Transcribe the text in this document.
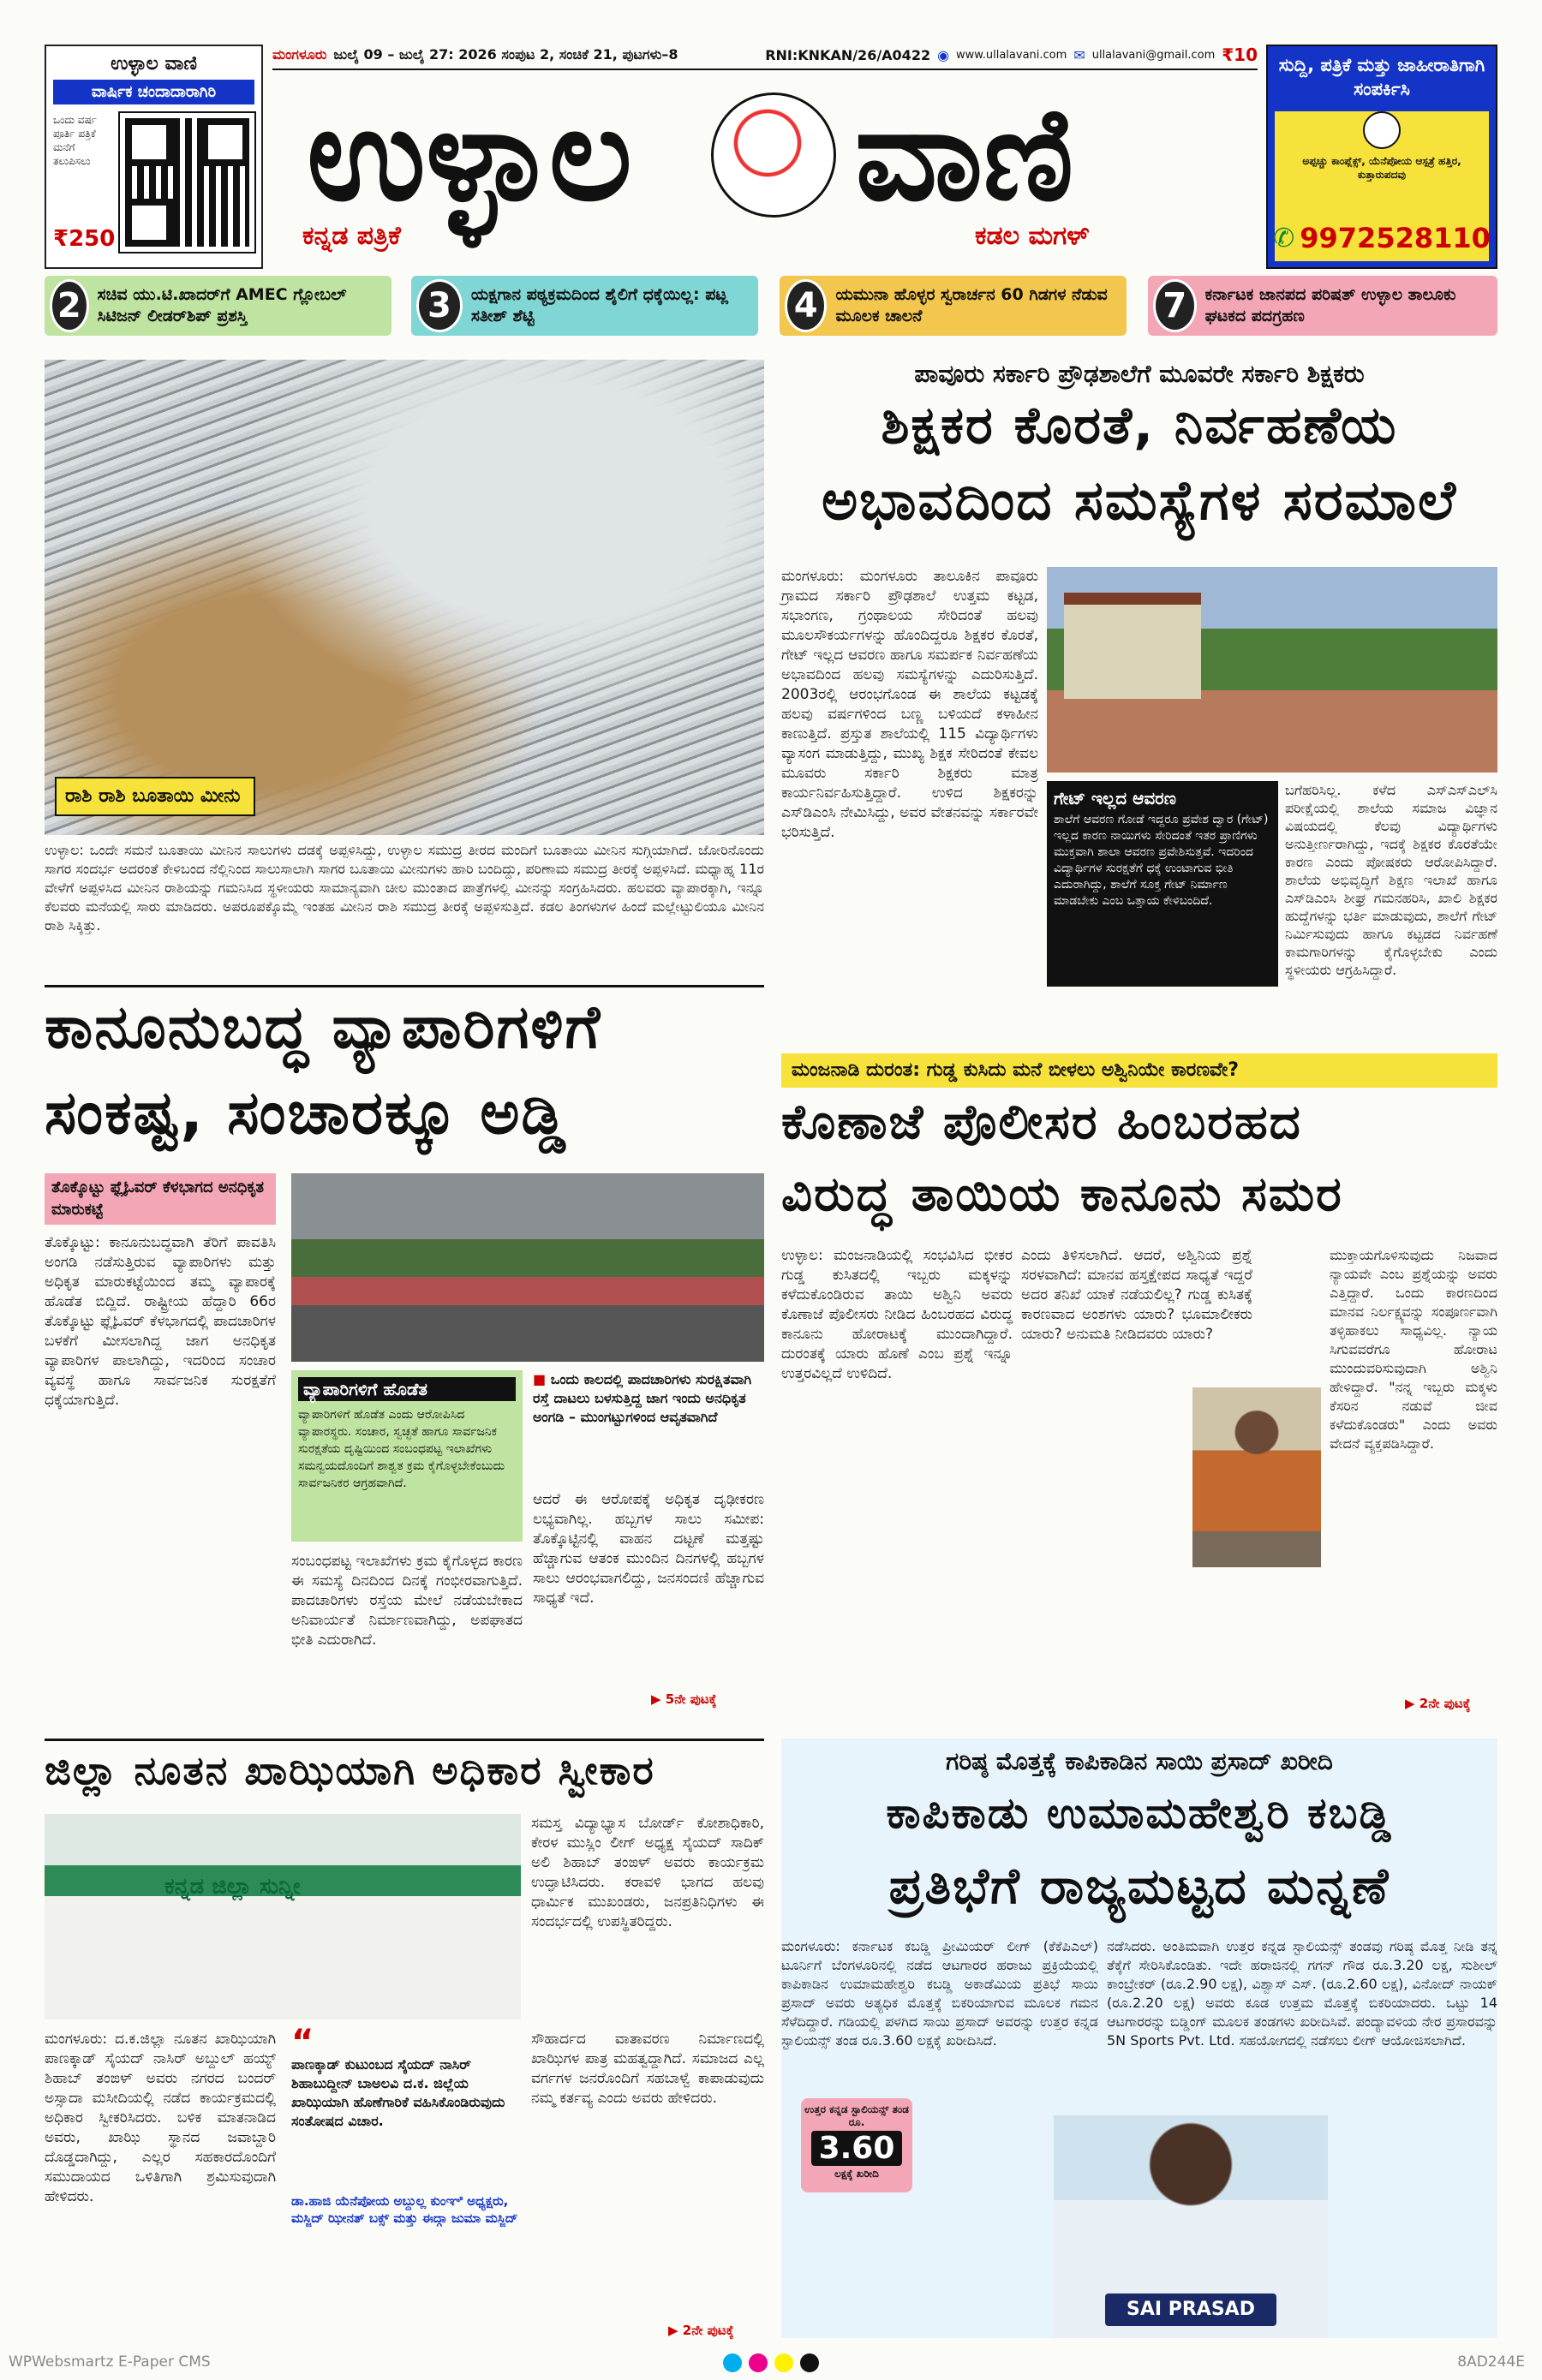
ಉಳ್ಳಾಲ ವಾಣಿ
ವಾರ್ಷಿಕ ಚಂದಾದಾರಾಗಿರಿ
ಒಂದು ವರ್ಷ ಪೂರ್ತಿ ಪತ್ರಿಕೆ ಮನೆಗೆ ತಲುಪಿಸಲು
₹250
ಮಂಗಳೂರು ಜುಲೈ 09 – ಜುಲೈ 27: 2026 ಸಂಪುಟ 2, ಸಂಚಿಕೆ 21, ಪುಟಗಳು–8	RNI:KNKAN/26/A0422 ◉ www.ullalavani.com ✉ ullalavani@gmail.com ₹10
ಉಳ್ಳಾಲ ವಾಣಿ
ಕನ್ನಡ ಪತ್ರಿಕೆ	ಕಡಲ ಮಗಳ್
ಸುದ್ದಿ, ಪತ್ರಿಕೆ ಮತ್ತು ಜಾಹೀರಾತಿಗಾಗಿ ಸಂಪರ್ಕಿಸಿ
ಅಪ್ಪಚ್ಚು ಕಾಂಪ್ಲೆಕ್ಸ್, ಯೆನೆಪೋಯ ಆಸ್ಪತ್ರೆ ಹತ್ತಿರ, ಕುತ್ತಾರುಪದವು
✆ 9972528110
2 ಸಚಿವ ಯು.ಟಿ.ಖಾದರ್‌ಗೆ AMEC ಗ್ಲೋಬಲ್ ಸಿಟಿಜನ್ ಲೀಡರ್‌ಶಿಪ್ ಪ್ರಶಸ್ತಿ	3	ಯಕ್ಷಗಾನ ಪಠ್ಯಕ್ರಮದಿಂದ ಶೈಲಿಗೆ ಧಕ್ಕೆಯಿಲ್ಲ: ಪಟ್ಲ ಸತೀಶ್ ಶೆಟ್ಟಿ	4	ಯಮುನಾ ಹೊಳ್ಳರ ಸ್ವರಾರ್ಚನ 60 ಗಿಡಗಳ ನೆಡುವ ಮೂಲಕ ಚಾಲನೆ	7	ಕರ್ನಾಟಕ ಜಾನಪದ ಪರಿಷತ್ ಉಳ್ಳಾಲ ತಾಲೂಕು ಘಟಕದ ಪದಗ್ರಹಣ
ರಾಶಿ ರಾಶಿ ಬೂತಾಯಿ ಮೀನು
ಉಳ್ಳಾಲ: ಒಂದೇ ಸಮನೆ ಬೂತಾಯಿ ಮೀನಿನ ಸಾಲುಗಳು ದಡಕ್ಕೆ ಅಪ್ಪಳಿಸಿದ್ದು, ಉಳ್ಳಾಲ ಸಮುದ್ರ ತೀರದ ಮಂದಿಗೆ ಬೂತಾಯಿ ಮೀನಿನ ಸುಗ್ಗಿಯಾಗಿದೆ. ಜೋರಿನೊಂದು ಸಾಗರ ಸಂದರ್ಭ ಅದರಂತೆ ಕೇಳಿಬಂದ ನೆಲ್ಲಿನಿಂದ ಸಾಲುಸಾಲಾಗಿ ಸಾಗರ ಬೂತಾಯಿ ಮೀನುಗಳು ಹಾರಿ ಬಂದಿದ್ದು, ಪರಿಣಾಮ ಸಮುದ್ರ ತೀರಕ್ಕೆ ಅಪ್ಪಳಿಸಿದೆ. ಮಧ್ಯಾಹ್ನ 11ರ ವೇಳೆಗೆ ಅಪ್ಪಳಿಸಿದ ಮೀನಿನ ರಾಶಿಯನ್ನು ಗಮನಿಸಿದ ಸ್ಥಳೀಯರು ಸಾಮಾನ್ಯವಾಗಿ ಚೀಲ ಮುಂತಾದ ಪಾತ್ರೆಗಳಲ್ಲಿ ಮೀನನ್ನು ಸಂಗ್ರಹಿಸಿದರು. ಹಲವರು ವ್ಯಾಪಾರಕ್ಕಾಗಿ, ಇನ್ನೂ ಕೆಲವರು ಮನೆಯಲ್ಲಿ ಸಾರು ಮಾಡಿದರು. ಅಪರೂಪಕ್ಕೊಮ್ಮೆ ಇಂತಹ ಮೀನಿನ ರಾಶಿ ಸಮುದ್ರ ತೀರಕ್ಕೆ ಅಪ್ಪಳಿಸುತ್ತಿದೆ. ಕಡಲ ತಿಂಗಳುಗಳ ಹಿಂದೆ ಮಲ್ಲೇಟ್ಟುಲಿಯೂ ಮೀನಿನ ರಾಶಿ ಸಿಕ್ಕಿತ್ತು.
ಪಾವೂರು ಸರ್ಕಾರಿ ಪ್ರೌಢಶಾಲೆಗೆ ಮೂವರೇ ಸರ್ಕಾರಿ ಶಿಕ್ಷಕರು
ಶಿಕ್ಷಕರ ಕೊರತೆ, ನಿರ್ವಹಣೆಯ
ಅಭಾವದಿಂದ ಸಮಸ್ಯೆಗಳ ಸರಮಾಲೆ
ಮಂಗಳೂರು: ಮಂಗಳೂರು ತಾಲೂಕಿನ ಪಾವೂರು ಗ್ರಾಮದ ಸರ್ಕಾರಿ ಪ್ರೌಢಶಾಲೆ ಉತ್ತಮ ಕಟ್ಟಡ, ಸಭಾಂಗಣ, ಗ್ರಂಥಾಲಯ ಸೇರಿದಂತೆ ಹಲವು ಮೂಲಸೌಕರ್ಯಗಳನ್ನು ಹೊಂದಿದ್ದರೂ ಶಿಕ್ಷಕರ ಕೊರತೆ, ಗೇಟ್ ಇಲ್ಲದ ಆವರಣ ಹಾಗೂ ಸಮರ್ಪಕ ನಿರ್ವಹಣೆಯ ಅಭಾವದಿಂದ ಹಲವು ಸಮಸ್ಯೆಗಳನ್ನು ಎದುರಿಸುತ್ತಿದೆ. 2003ರಲ್ಲಿ ಆರಂಭಗೊಂಡ ಈ ಶಾಲೆಯ ಕಟ್ಟಡಕ್ಕೆ ಹಲವು ವರ್ಷಗಳಿಂದ ಬಣ್ಣ ಬಳಿಯದೆ ಕಳಾಹೀನ ಕಾಣುತ್ತಿದೆ. ಪ್ರಸ್ತುತ ಶಾಲೆಯಲ್ಲಿ 115 ವಿದ್ಯಾರ್ಥಿಗಳು ವ್ಯಾಸಂಗ ಮಾಡುತ್ತಿದ್ದು, ಮುಖ್ಯ ಶಿಕ್ಷಕ ಸೇರಿದಂತೆ ಕೇವಲ ಮೂವರು ಸರ್ಕಾರಿ ಶಿಕ್ಷಕರು ಮಾತ್ರ ಕಾರ್ಯನಿರ್ವಹಿಸುತ್ತಿದ್ದಾರೆ. ಉಳಿದ ಶಿಕ್ಷಕರನ್ನು ಎಸ್‌ಡಿಎಂಸಿ ನೇಮಿಸಿದ್ದು, ಅವರ ವೇತನವನ್ನು ಸರ್ಕಾರವೇ ಭರಿಸುತ್ತಿದೆ.
ಗೇಟ್ ಇಲ್ಲದ ಆವರಣ
ಶಾಲೆಗೆ ಆವರಣ ಗೋಡೆ ಇದ್ದರೂ ಪ್ರವೇಶ ದ್ವಾರ (ಗೇಟ್) ಇಲ್ಲದ ಕಾರಣ ನಾಯಿಗಳು ಸೇರಿದಂತೆ ಇತರ ಪ್ರಾಣಿಗಳು ಮುಕ್ತವಾಗಿ ಶಾಲಾ ಆವರಣ ಪ್ರವೇಶಿಸುತ್ತವೆ. ಇದರಿಂದ ವಿದ್ಯಾರ್ಥಿಗಳ ಸುರಕ್ಷತೆಗೆ ಧಕ್ಕೆ ಉಂಟಾಗುವ ಭೀತಿ ಎದುರಾಗಿದ್ದು, ಶಾಲೆಗೆ ಸೂಕ್ತ ಗೇಟ್ ನಿರ್ಮಾಣ ಮಾಡಬೇಕು ಎಂಬ ಒತ್ತಾಯ ಕೇಳಿಬಂದಿದೆ.
ಬಗೆಹರಿಸಿಲ್ಲ. ಕಳೆದ ಎಸ್‌ಎಸ್‌ಎಲ್‌ಸಿ ಪರೀಕ್ಷೆಯಲ್ಲಿ ಶಾಲೆಯ ಸಮಾಜ ವಿಜ್ಞಾನ ವಿಷಯದಲ್ಲಿ ಕೆಲವು ವಿದ್ಯಾರ್ಥಿಗಳು ಅನುತ್ತೀರ್ಣರಾಗಿದ್ದು, ಇದಕ್ಕೆ ಶಿಕ್ಷಕರ ಕೊರತೆಯೇ ಕಾರಣ ಎಂದು ಪೋಷಕರು ಆರೋಪಿಸಿದ್ದಾರೆ. ಶಾಲೆಯ ಅಭಿವೃದ್ಧಿಗೆ ಶಿಕ್ಷಣ ಇಲಾಖೆ ಹಾಗೂ ಎಸ್‌ಡಿಎಂಸಿ ಶೀಘ್ರ ಗಮನಹರಿಸಿ, ಖಾಲಿ ಶಿಕ್ಷಕರ ಹುದ್ದೆಗಳನ್ನು ಭರ್ತಿ ಮಾಡುವುದು, ಶಾಲೆಗೆ ಗೇಟ್ ನಿರ್ಮಿಸುವುದು ಹಾಗೂ ಕಟ್ಟಡದ ನಿರ್ವಹಣೆ ಕಾಮಗಾರಿಗಳನ್ನು ಕೈಗೊಳ್ಳಬೇಕು ಎಂದು ಸ್ಥಳೀಯರು ಆಗ್ರಹಿಸಿದ್ದಾರೆ.
ಕಾನೂನುಬದ್ಧ ವ್ಯಾಪಾರಿಗಳಿಗೆ
ಸಂಕಷ್ಟ, ಸಂಚಾರಕ್ಕೂ ಅಡ್ಡಿ
ತೊಕ್ಕೊಟ್ಟು ಫ್ಲೈಓವರ್ ಕೆಳಭಾಗದ ಅನಧಿಕೃತ ಮಾರುಕಟ್ಟೆ
ತೊಕ್ಕೊಟ್ಟು: ಕಾನೂನುಬದ್ಧವಾಗಿ ತೆರಿಗೆ ಪಾವತಿಸಿ ಅಂಗಡಿ ನಡೆಸುತ್ತಿರುವ ವ್ಯಾಪಾರಿಗಳು ಮತ್ತು ಅಧಿಕೃತ ಮಾರುಕಟ್ಟೆಯಿಂದ ತಮ್ಮ ವ್ಯಾಪಾರಕ್ಕೆ ಹೊಡೆತ ಬಿದ್ದಿದೆ. ರಾಷ್ಟ್ರೀಯ ಹೆದ್ದಾರಿ 66ರ ತೊಕ್ಕೊಟ್ಟು ಫ್ಲೈಓವರ್ ಕೆಳಭಾಗದಲ್ಲಿ ಪಾದಚಾರಿಗಳ ಬಳಕೆಗೆ ಮೀಸಲಾಗಿದ್ದ ಜಾಗ ಅನಧಿಕೃತ ವ್ಯಾಪಾರಿಗಳ ಪಾಲಾಗಿದ್ದು, ಇದರಿಂದ ಸಂಚಾರ ವ್ಯವಸ್ಥೆ ಹಾಗೂ ಸಾರ್ವಜನಿಕ ಸುರಕ್ಷತೆಗೆ ಧಕ್ಕೆಯಾಗುತ್ತಿದೆ.
ವ್ಯಾಪಾರಿಗಳಿಗೆ ಹೊಡೆತ
ವ್ಯಾಪಾರಿಗಳಿಗೆ ಹೊಡೆತ ಎಂದು ಆರೋಪಿಸಿದ ವ್ಯಾಪಾರಸ್ಥರು. ಸಂಚಾರ, ಸ್ವಚ್ಛತೆ ಹಾಗೂ ಸಾರ್ವಜನಿಕ ಸುರಕ್ಷತೆಯ ದೃಷ್ಟಿಯಿಂದ ಸಂಬಂಧಪಟ್ಟ ಇಲಾಖೆಗಳು ಸಮನ್ವಯದೊಂದಿಗೆ ಶಾಶ್ವತ ಕ್ರಮ ಕೈಗೊಳ್ಳಬೇಕೆಂಬುದು ಸಾರ್ವಜನಿಕರ ಆಗ್ರಹವಾಗಿದೆ.
■ ಒಂದು ಕಾಲದಲ್ಲಿ ಪಾದಚಾರಿಗಳು ಸುರಕ್ಷಿತವಾಗಿ ರಸ್ತೆ ದಾಟಲು ಬಳಸುತ್ತಿದ್ದ ಜಾಗ ಇಂದು ಅನಧಿಕೃತ ಅಂಗಡಿ – ಮುಂಗಟ್ಟುಗಳಿಂದ ಆವೃತವಾಗಿದೆ
ಆದರೆ ಈ ಆರೋಪಕ್ಕೆ ಅಧಿಕೃತ ದೃಢೀಕರಣ ಲಭ್ಯವಾಗಿಲ್ಲ. ಹಬ್ಬಗಳ ಸಾಲು ಸಮೀಪ: ತೊಕ್ಕೊಟ್ಟಿನಲ್ಲಿ ವಾಹನ ದಟ್ಟಣೆ ಮತ್ತಷ್ಟು ಹೆಚ್ಚಾಗುವ ಆತಂಕ ಮುಂದಿನ ದಿನಗಳಲ್ಲಿ ಹಬ್ಬಗಳ ಸಾಲು ಆರಂಭವಾಗಲಿದ್ದು, ಜನಸಂದಣಿ ಹೆಚ್ಚಾಗುವ ಸಾಧ್ಯತೆ ಇದೆ.
ಸಂಬಂಧಪಟ್ಟ ಇಲಾಖೆಗಳು ಕ್ರಮ ಕೈಗೊಳ್ಳದ ಕಾರಣ ಈ ಸಮಸ್ಯೆ ದಿನದಿಂದ ದಿನಕ್ಕೆ ಗಂಭೀರವಾಗುತ್ತಿದೆ. ಪಾದಚಾರಿಗಳು ರಸ್ತೆಯ ಮೇಲೆ ನಡೆಯಬೇಕಾದ ಅನಿವಾರ್ಯತೆ ನಿರ್ಮಾಣವಾಗಿದ್ದು, ಅಪಘಾತದ ಭೀತಿ ಎದುರಾಗಿದೆ.
▶ 5ನೇ ಪುಟಕ್ಕೆ
ಮಂಜನಾಡಿ ದುರಂತ: ಗುಡ್ಡ ಕುಸಿದು ಮನೆ ಬೀಳಲು ಅಶ್ವಿನಿಯೇ ಕಾರಣವೇ?
ಕೊಣಾಜೆ ಪೊಲೀಸರ ಹಿಂಬರಹದ
ವಿರುದ್ಧ ತಾಯಿಯ ಕಾನೂನು ಸಮರ
ಉಳ್ಳಾಲ: ಮಂಜನಾಡಿಯಲ್ಲಿ ಸಂಭವಿಸಿದ ಭೀಕರ ಗುಡ್ಡ ಕುಸಿತದಲ್ಲಿ ಇಬ್ಬರು ಮಕ್ಕಳನ್ನು ಕಳೆದುಕೊಂಡಿರುವ ತಾಯಿ ಅಶ್ವಿನಿ ಅವರು ಕೊಣಾಜೆ ಪೊಲೀಸರು ನೀಡಿದ ಹಿಂಬರಹದ ವಿರುದ್ಧ ಕಾನೂನು ಹೋರಾಟಕ್ಕೆ ಮುಂದಾಗಿದ್ದಾರೆ. ದುರಂತಕ್ಕೆ ಯಾರು ಹೊಣೆ ಎಂಬ ಪ್ರಶ್ನೆ ಇನ್ನೂ ಉತ್ತರವಿಲ್ಲದೆ ಉಳಿದಿದೆ.
ಎಂದು ತಿಳಿಸಲಾಗಿದೆ. ಆದರೆ, ಅಶ್ವಿನಿಯ ಪ್ರಶ್ನೆ ಸರಳವಾಗಿದೆ: ಮಾನವ ಹಸ್ತಕ್ಷೇಪದ ಸಾಧ್ಯತೆ ಇದ್ದರೆ ಅದರ ತನಿಖೆ ಯಾಕೆ ನಡೆಯಲಿಲ್ಲ? ಗುಡ್ಡ ಕುಸಿತಕ್ಕೆ ಕಾರಣವಾದ ಅಂಶಗಳು ಯಾರು? ಭೂಮಾಲೀಕರು ಯಾರು? ಅನುಮತಿ ನೀಡಿದವರು ಯಾರು?
ಮುಕ್ತಾಯಗೊಳಿಸುವುದು ನಿಜವಾದ ನ್ಯಾಯವೇ ಎಂಬ ಪ್ರಶ್ನೆಯನ್ನು ಅವರು ಎತ್ತಿದ್ದಾರೆ. ಒಂದು ಕಾರಣದಿಂದ ಮಾನವ ನಿರ್ಲಕ್ಷ್ಯವನ್ನು ಸಂಪೂರ್ಣವಾಗಿ ತಳ್ಳಿಹಾಕಲು ಸಾಧ್ಯವಿಲ್ಲ. ನ್ಯಾಯ ಸಿಗುವವರೆಗೂ ಹೋರಾಟ ಮುಂದುವರಿಸುವುದಾಗಿ ಅಶ್ವಿನಿ ಹೇಳಿದ್ದಾರೆ. "ನನ್ನ ಇಬ್ಬರು ಮಕ್ಕಳು ಕೆಸರಿನ ನಡುವೆ ಜೀವ ಕಳೆದುಕೊಂಡರು" ಎಂದು ಅವರು ವೇದನೆ ವ್ಯಕ್ತಪಡಿಸಿದ್ದಾರೆ.
▶ 2ನೇ ಪುಟಕ್ಕೆ
ಜಿಲ್ಲಾ ನೂತನ ಖಾಝಿಯಾಗಿ ಅಧಿಕಾರ ಸ್ವೀಕಾರ
ಕನ್ನಡ ಜಿಲ್ಲಾ ಸುನ್ನೀ
ಸಮಸ್ತ ವಿದ್ಯಾಭ್ಯಾಸ ಬೋರ್ಡ್ ಕೋಶಾಧಿಕಾರಿ, ಕೇರಳ ಮುಸ್ಲಿಂ ಲೀಗ್ ಅಧ್ಯಕ್ಷ ಸೈಯದ್ ಸಾದಿಕ್ ಅಲಿ ಶಿಹಾಬ್ ತಂಙಳ್ ಅವರು ಕಾರ್ಯಕ್ರಮ ಉದ್ಘಾಟಿಸಿದರು. ಕರಾವಳಿ ಭಾಗದ ಹಲವು ಧಾರ್ಮಿಕ ಮುಖಂಡರು, ಜನಪ್ರತಿನಿಧಿಗಳು ಈ ಸಂದರ್ಭದಲ್ಲಿ ಉಪಸ್ಥಿತರಿದ್ದರು.
ಮಂಗಳೂರು: ದ.ಕ.ಜಿಲ್ಲಾ ನೂತನ ಖಾಝಿಯಾಗಿ ಪಾಣಕ್ಕಾಡ್ ಸೈಯದ್ ನಾಸಿರ್ ಅಬ್ದುಲ್ ಹಯ್ಯ್ ಶಿಹಾಬ್ ತಂಙಳ್ ಅವರು ನಗರದ ಬಂದರ್ ಅಸ್ಸಾದಾ ಮಸೀದಿಯಲ್ಲಿ ನಡೆದ ಕಾರ್ಯಕ್ರಮದಲ್ಲಿ ಅಧಿಕಾರ ಸ್ವೀಕರಿಸಿದರು. ಬಳಿಕ ಮಾತನಾಡಿದ ಅವರು, ಖಾಝಿ ಸ್ಥಾನದ ಜವಾಬ್ದಾರಿ ದೊಡ್ಡದಾಗಿದ್ದು, ಎಲ್ಲರ ಸಹಕಾರದೊಂದಿಗೆ ಸಮುದಾಯದ ಒಳಿತಿಗಾಗಿ ಶ್ರಮಿಸುವುದಾಗಿ ಹೇಳಿದರು.
“
ಪಾಣಕ್ಕಾಡ್ ಕುಟುಂಬದ ಸೈಯದ್ ನಾಸಿರ್ ಶಿಹಾಬುದ್ದೀನ್ ಬಾಅಲವಿ ದ.ಕ. ಜಿಲ್ಲೆಯ ಖಾಝಿಯಾಗಿ ಹೊಣೆಗಾರಿಕೆ ವಹಿಸಿಕೊಂಡಿರುವುದು ಸಂತೋಷದ ವಿಚಾರ.
ಡಾ.ಹಾಜಿ ಯೆನೆಪೋಯ ಅಬ್ದುಲ್ಲ ಕುಂಞಿ ಅಧ್ಯಕ್ಷರು, ಮಸ್ಜಿದ್ ಝೀನತ್ ಬಕ್ಸ್ ಮತ್ತು ಈದ್ಗಾ ಜುಮಾ ಮಸ್ಜಿದ್
ಸೌಹಾರ್ದದ ವಾತಾವರಣ ನಿರ್ಮಾಣದಲ್ಲಿ ಖಾಝಿಗಳ ಪಾತ್ರ ಮಹತ್ವದ್ದಾಗಿದೆ. ಸಮಾಜದ ಎಲ್ಲ ವರ್ಗಗಳ ಜನರೊಂದಿಗೆ ಸಹಬಾಳ್ವೆ ಕಾಪಾಡುವುದು ನಮ್ಮ ಕರ್ತವ್ಯ ಎಂದು ಅವರು ಹೇಳಿದರು.
▶ 2ನೇ ಪುಟಕ್ಕೆ
ಗರಿಷ್ಠ ಮೊತ್ತಕ್ಕೆ ಕಾಪಿಕಾಡಿನ ಸಾಯಿ ಪ್ರಸಾದ್ ಖರೀದಿ
ಕಾಪಿಕಾಡು ಉಮಾಮಹೇಶ್ವರಿ ಕಬಡ್ಡಿ
ಪ್ರತಿಭೆಗೆ ರಾಜ್ಯಮಟ್ಟದ ಮನ್ನಣೆ
ಮಂಗಳೂರು: ಕರ್ನಾಟಕ ಕಬಡ್ಡಿ ಪ್ರೀಮಿಯರ್ ಲೀಗ್ (ಕೆಕೆಪಿಎಲ್) ಟೂರ್ನಿಗೆ ಬೆಂಗಳೂರಿನಲ್ಲಿ ನಡೆದ ಆಟಗಾರರ ಹರಾಜು ಪ್ರಕ್ರಿಯೆಯಲ್ಲಿ ಕಾಪಿಕಾಡಿನ ಉಮಾಮಹೇಶ್ವರಿ ಕಬಡ್ಡಿ ಅಕಾಡೆಮಿಯ ಪ್ರತಿಭೆ ಸಾಯಿ ಪ್ರಸಾದ್ ಅವರು ಅತ್ಯಧಿಕ ಮೊತ್ತಕ್ಕೆ ಬಿಕರಿಯಾಗುವ ಮೂಲಕ ಗಮನ ಸೆಳೆದಿದ್ದಾರೆ. ಗಡಿಯಲ್ಲಿ ಪಳಗಿದ ಸಾಯಿ ಪ್ರಸಾದ್ ಅವರನ್ನು ಉತ್ತರ ಕನ್ನಡ ಸ್ಟಾಲಿಯನ್ಸ್ ತಂಡ ರೂ.3.60 ಲಕ್ಷಕ್ಕೆ ಖರೀದಿಸಿದೆ.
ಉತ್ತರ ಕನ್ನಡ ಸ್ಟಾಲಿಯನ್ಸ್ ತಂಡ ರೂ.
3.60
ಲಕ್ಷಕ್ಕೆ ಖರೀದಿ
ನಡೆಸಿದರು. ಅಂತಿಮವಾಗಿ ಉತ್ತರ ಕನ್ನಡ ಸ್ಟಾಲಿಯನ್ಸ್ ತಂಡವು ಗರಿಷ್ಠ ಮೊತ್ತ ನೀಡಿ ತನ್ನ ತೆಕ್ಕೆಗೆ ಸೇರಿಸಿಕೊಂಡಿತು. ಇದೇ ಹರಾಜಿನಲ್ಲಿ ಗಗನ್ ಗೌಡ ರೂ.3.20 ಲಕ್ಷ, ಸುಶೀಲ್ ಕಾಂಬ್ರೇಕರ್ (ರೂ.2.90 ಲಕ್ಷ), ವಿಶ್ವಾಸ್ ಎಸ್. (ರೂ.2.60 ಲಕ್ಷ), ವಿನೋದ್ ನಾಯಕ್ (ರೂ.2.20 ಲಕ್ಷ) ಅವರು ಕೂಡ ಉತ್ತಮ ಮೊತ್ತಕ್ಕೆ ಬಿಕರಿಯಾದರು. ಒಟ್ಟು 14 ಆಟಗಾರರನ್ನು ಬಿಡ್ಡಿಂಗ್ ಮೂಲಕ ತಂಡಗಳು ಖರೀದಿಸಿವೆ. ಪಂದ್ಯಾವಳಿಯ ನೇರ ಪ್ರಸಾರವನ್ನು 5N Sports Pvt. Ltd. ಸಹಯೋಗದಲ್ಲಿ ನಡೆಸಲು ಲೀಗ್ ಆಯೋಜಿಸಲಾಗಿದೆ.
SAI PRASAD
WPWebsmartz E-Paper CMS	8AD244E
